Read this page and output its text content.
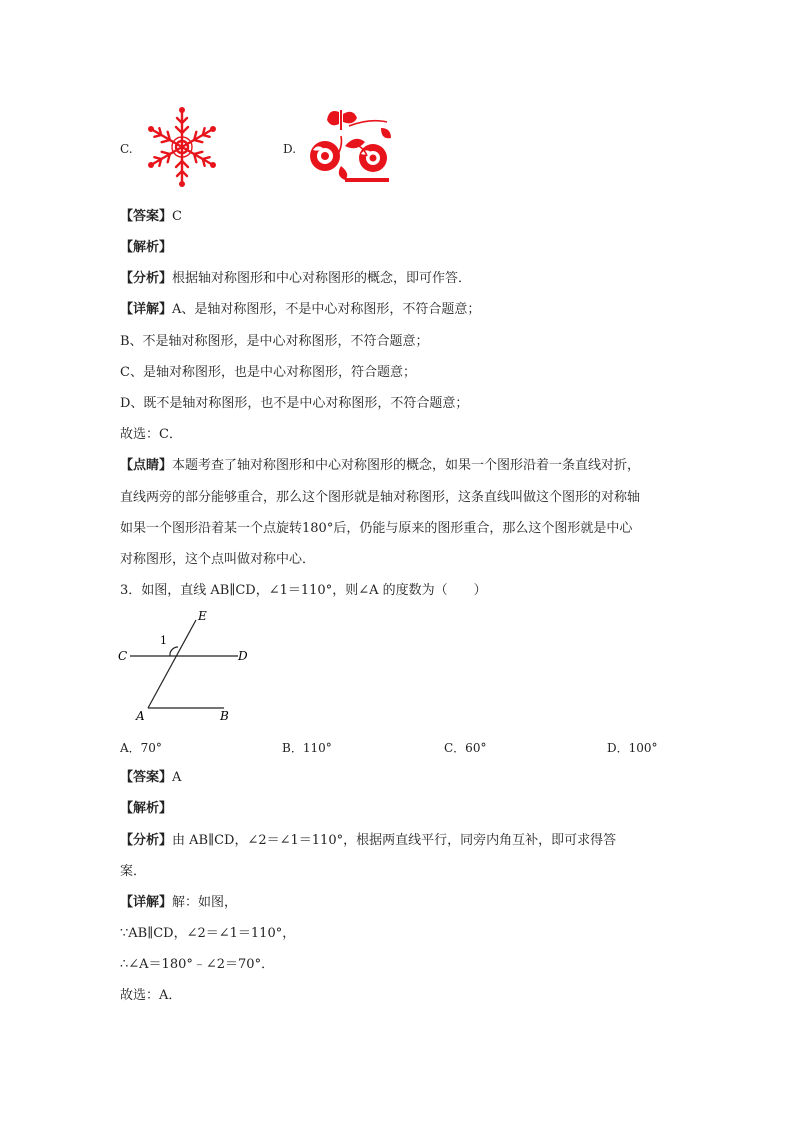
C.	D.
【答案】C
【解析】
【分析】根据轴对称图形和中心对称图形的概念，即可作答．
【详解】A、是轴对称图形，不是中心对称图形，不符合题意；
B、不是轴对称图形，是中心对称图形，不符合题意；
C、是轴对称图形，也是中心对称图形，符合题意；
D、既不是轴对称图形，也不是中心对称图形，不符合题意；
故选：C．
【点睛】本题考查了轴对称图形和中心对称图形的概念，如果一个图形沿着一条直线对折，
直线两旁的部分能够重合，那么这个图形就是轴对称图形，这条直线叫做这个图形的对称轴
如果一个图形沿着某一个点旋转180°后，仍能与原来的图形重合，那么这个图形就是中心
对称图形，这个点叫做对称中心．
3．如图，直线 AB∥CD，∠1＝110°，则∠A 的度数为（　　）
E
1
C	D
A	B
A．70°	B．110°	C．60°	D．100°
【答案】A
【解析】
【分析】由 AB∥CD，∠2＝∠1＝110°，根据两直线平行，同旁内角互补，即可求得答
案．
【详解】解：如图，
∵AB∥CD，∠2＝∠1＝110°，
∴∠A＝180°﹣∠2＝70°．
故选：A．
